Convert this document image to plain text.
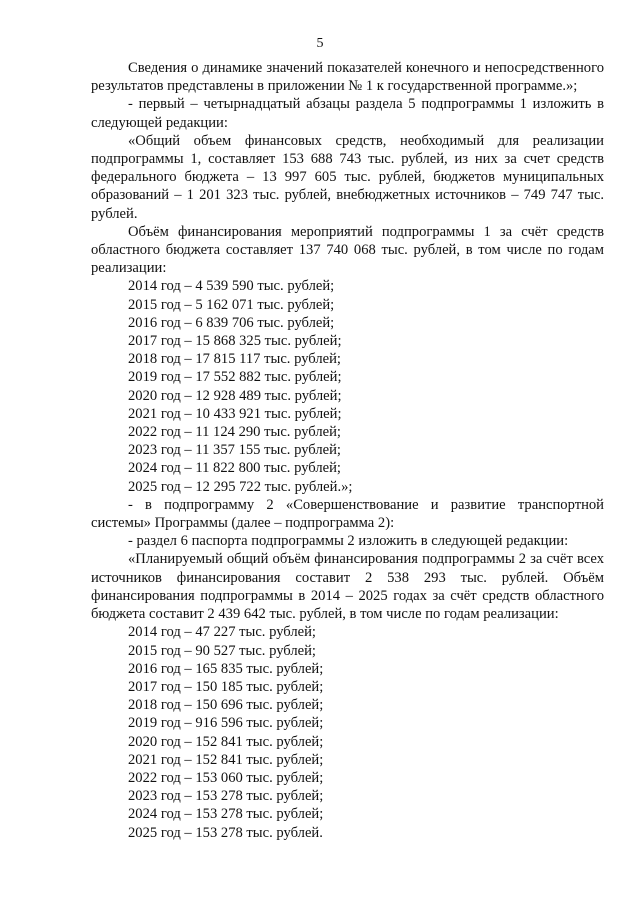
5

Сведения о динамике значений показателей конечного и непосредственного результатов представлены в приложении № 1 к государственной программе.»;

- первый – четырнадцатый абзацы раздела 5 подпрограммы 1 изложить в следующей редакции:

«Общий объем финансовых средств, необходимый для реализации подпрограммы 1, составляет 153 688 743 тыс. рублей, из них за счет средств федерального бюджета – 13 997 605 тыс. рублей, бюджетов муниципальных образований – 1 201 323 тыс. рублей, внебюджетных источников – 749 747 тыс. рублей.

Объём финансирования мероприятий подпрограммы 1 за счёт средств областного бюджета составляет 137 740 068 тыс. рублей, в том числе по годам реализации:

2014 год – 4 539 590 тыс. рублей;
2015 год – 5 162 071 тыс. рублей;
2016 год – 6 839 706 тыс. рублей;
2017 год – 15 868 325 тыс. рублей;
2018 год – 17 815 117 тыс. рублей;
2019 год – 17 552 882 тыс. рублей;
2020 год – 12 928 489 тыс. рублей;
2021 год – 10 433 921 тыс. рублей;
2022 год – 11 124 290 тыс. рублей;
2023 год – 11 357 155 тыс. рублей;
2024 год – 11 822 800 тыс. рублей;
2025 год – 12 295 722 тыс. рублей.»;

- в подпрограмму 2 «Совершенствование и развитие транспортной системы» Программы (далее – подпрограмма 2):

- раздел 6 паспорта подпрограммы 2 изложить в следующей редакции:

«Планируемый общий объём финансирования подпрограммы 2 за счёт всех источников финансирования составит 2 538 293 тыс. рублей. Объём финансирования подпрограммы в 2014 – 2025 годах за счёт средств областного бюджета составит 2 439 642 тыс. рублей, в том числе по годам реализации:

2014 год – 47 227 тыс. рублей;
2015 год – 90 527 тыс. рублей;
2016 год – 165 835 тыс. рублей;
2017 год – 150 185 тыс. рублей;
2018 год – 150 696 тыс. рублей;
2019 год – 916 596 тыс. рублей;
2020 год – 152 841 тыс. рублей;
2021 год – 152 841 тыс. рублей;
2022 год – 153 060 тыс. рублей;
2023 год – 153 278 тыс. рублей;
2024 год – 153 278 тыс. рублей;
2025 год – 153 278 тыс. рублей.
